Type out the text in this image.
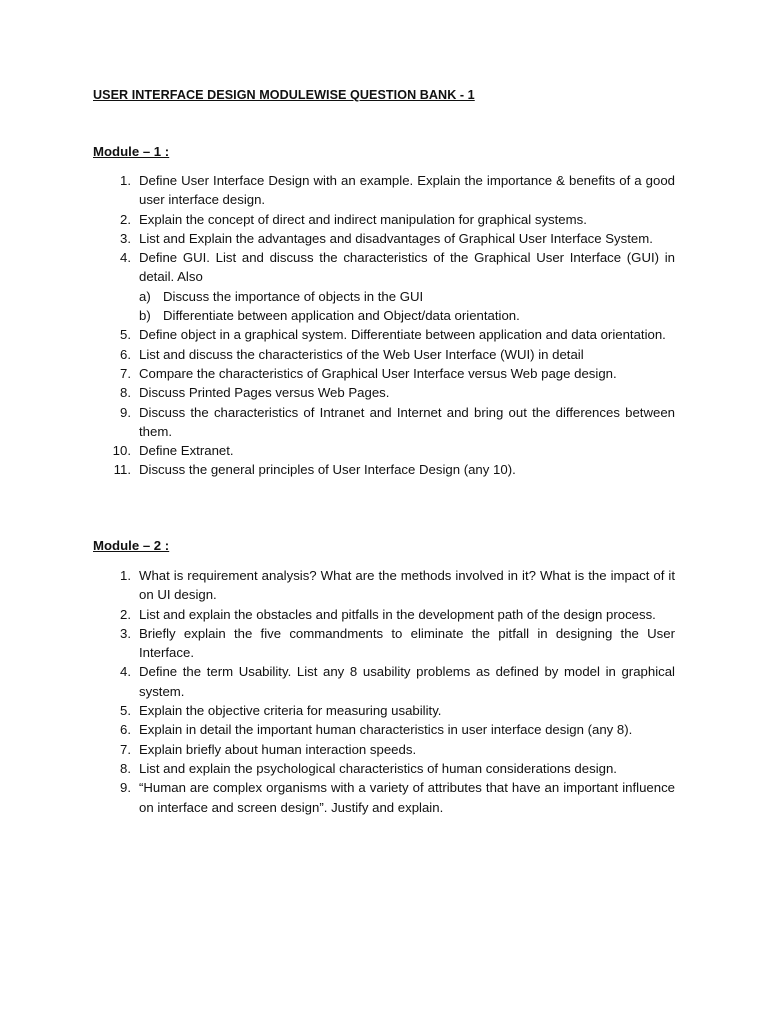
USER INTERFACE DESIGN MODULEWISE QUESTION BANK - 1
Module – 1 :
1. Define User Interface Design with an example. Explain the importance & benefits of a good user interface design.
2. Explain the concept of direct and indirect manipulation for graphical systems.
3. List and Explain the advantages and disadvantages of Graphical User Interface System.
4. Define GUI. List and discuss the characteristics of the Graphical User Interface (GUI) in detail. Also
a) Discuss the importance of objects in the GUI
b) Differentiate between application and Object/data orientation.
5. Define object in a graphical system. Differentiate between application and data orientation.
6. List and discuss the characteristics of the Web User Interface (WUI) in detail
7. Compare the characteristics of Graphical User Interface versus Web page design.
8. Discuss Printed Pages versus Web Pages.
9. Discuss the characteristics of Intranet and Internet and bring out the differences between them.
10. Define Extranet.
11. Discuss the general principles of User Interface Design (any 10).
Module – 2 :
1. What is requirement analysis? What are the methods involved in it? What is the impact of it on UI design.
2. List and explain the obstacles and pitfalls in the development path of the design process.
3. Briefly explain the five commandments to eliminate the pitfall in designing the User Interface.
4. Define the term Usability. List any 8 usability problems as defined by model in graphical system.
5. Explain the objective criteria for measuring usability.
6. Explain in detail the important human characteristics in user interface design (any 8).
7. Explain briefly about human interaction speeds.
8. List and explain the psychological characteristics of human considerations design.
9. “Human are complex organisms with a variety of attributes that have an important influence on interface and screen design”. Justify and explain.
